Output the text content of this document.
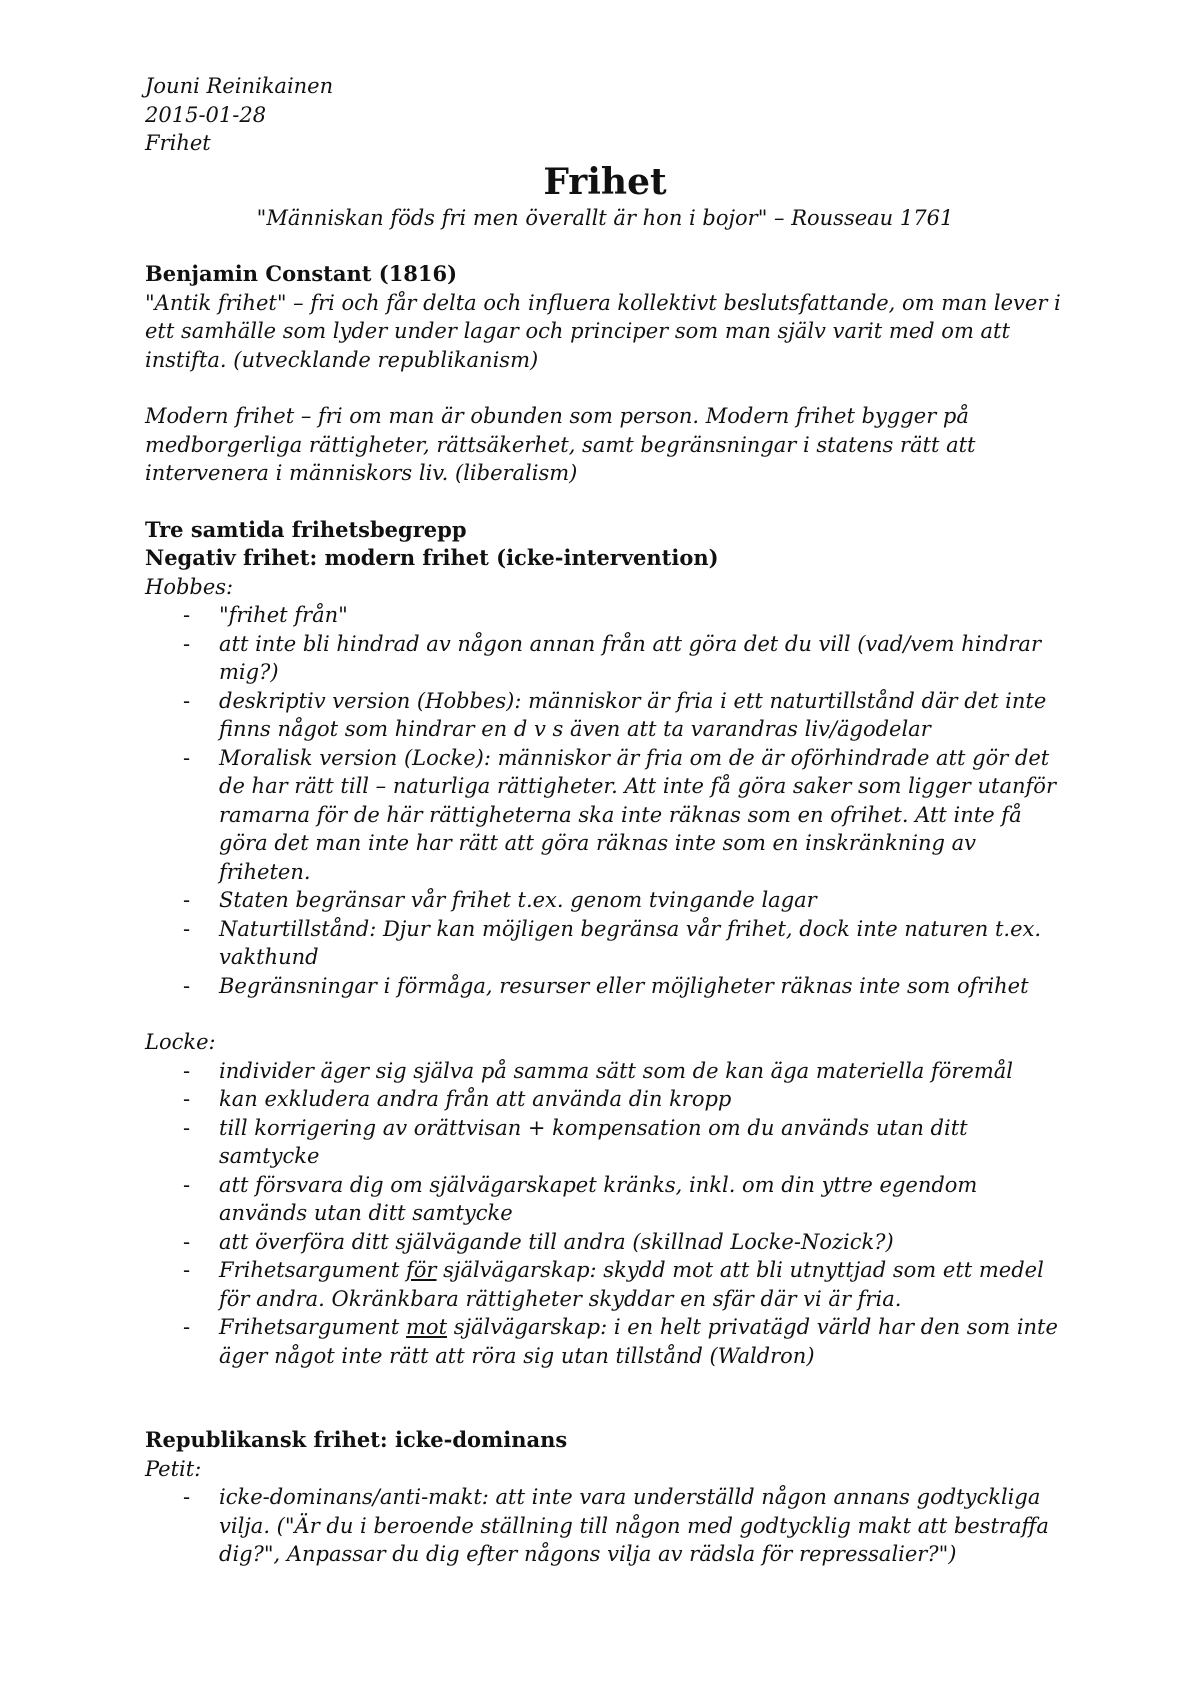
Jouni Reinikainen
2015-01-28
Frihet
Frihet
"Människan föds fri men överallt är hon i bojor" – Rousseau 1761
Benjamin Constant (1816)
"Antik frihet" – fri och får delta och influera kollektivt beslutsfattande, om man lever i ett samhälle som lyder under lagar och principer som man själv varit med om att instifta. (utvecklande republikanism)
Modern frihet – fri om man är obunden som person. Modern frihet bygger på medborgerliga rättigheter, rättsäkerhet, samt begränsningar i statens rätt att intervenera i människors liv. (liberalism)
Tre samtida frihetsbegrepp
Negativ frihet: modern frihet (icke-intervention)
Hobbes:
- "frihet från"
- att inte bli hindrad av någon annan från att göra det du vill (vad/vem hindrar mig?)
- deskriptiv version (Hobbes): människor är fria i ett naturtillstånd där det inte finns något som hindrar en d v s även att ta varandras liv/ägodelar
- Moralisk version (Locke): människor är fria om de är oförhindrade att gör det de har rätt till – naturliga rättigheter. Att inte få göra saker som ligger utanför ramarna för de här rättigheterna ska inte räknas som en ofrihet. Att inte få göra det man inte har rätt att göra räknas inte som en inskränkning av friheten.
- Staten begränsar vår frihet t.ex. genom tvingande lagar
- Naturtillstånd: Djur kan möjligen begränsa vår frihet, dock inte naturen t.ex. vakthund
- Begränsningar i förmåga, resurser eller möjligheter räknas inte som ofrihet
Locke:
- individer äger sig själva på samma sätt som de kan äga materiella föremål
- kan exkludera andra från att använda din kropp
- till korrigering av orättvisan + kompensation om du används utan ditt samtycke
- att försvara dig om självägarskapet kränks, inkl. om din yttre egendom används utan ditt samtycke
- att överföra ditt självägande till andra (skillnad Locke-Nozick?)
- Frihetsargument för självägarskap: skydd mot att bli utnyttjad som ett medel för andra. Okränkbara rättigheter skyddar en sfär där vi är fria.
- Frihetsargument mot självägarskap: i en helt privatägd värld har den som inte äger något inte rätt att röra sig utan tillstånd (Waldron)
Republikansk frihet: icke-dominans
Petit:
- icke-dominans/anti-makt: att inte vara underställd någon annans godtyckliga vilja. ("Är du i beroende ställning till någon med godtycklig makt att bestraffa dig?", Anpassar du dig efter någons vilja av rädsla för repressalier?")
